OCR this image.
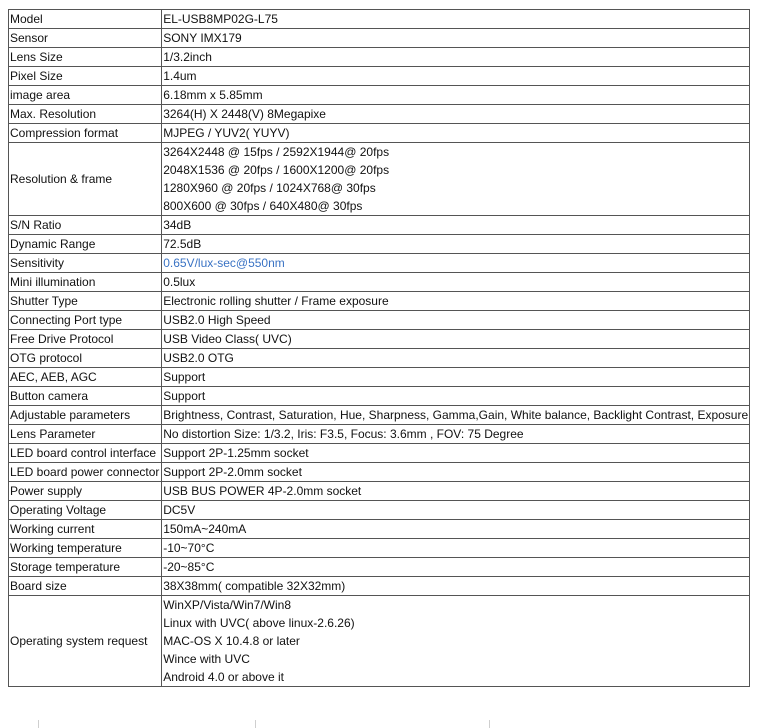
Model	EL-USB8MP02G-L75
Sensor	SONY IMX179
Lens Size	1/3.2inch
Pixel Size	1.4um
image area	6.18mm x 5.85mm
Max. Resolution	3264(H) X 2448(V) 8Megapixe
Compression format	MJPEG / YUV2( YUYV)
Resolution & frame	3264X2448 @ 15fps / 2592X1944@ 20fps
2048X1536 @ 20fps / 1600X1200@ 20fps
1280X960 @ 20fps / 1024X768@ 30fps
800X600 @ 30fps / 640X480@ 30fps

S/N Ratio	34dB
Dynamic Range	72.5dB
Sensitivity	0.65V/lux-sec@550nm
Mini illumination	0.5lux
Shutter Type	Electronic rolling shutter / Frame exposure
Connecting Port type	USB2.0 High Speed
Free Drive Protocol	USB Video Class( UVC)
OTG protocol	USB2.0 OTG
AEC, AEB, AGC	Support
Button camera	Support
Adjustable parameters	Brightness, Contrast, Saturation, Hue, Sharpness, Gamma,Gain, White balance, Backlight Contrast, Exposure
Lens Parameter	No distortion Size: 1/3.2, Iris: F3.5, Focus: 3.6mm , FOV: 75 Degree
LED board control interface	Support 2P-1.25mm socket
LED board power connector	Support 2P-2.0mm socket
Power supply	USB BUS POWER 4P-2.0mm socket
Operating Voltage	DC5V
Working current	150mA~240mA
Working temperature	-10~70°C
Storage temperature	-20~85°C
Board size	38X38mm( compatible 32X32mm)
Operating system request	WinXP/Vista/Win7/Win8
Linux with UVC( above linux-2.6.26)
MAC-OS X 10.4.8 or later
Wince with UVC
Android 4.0 or above it
